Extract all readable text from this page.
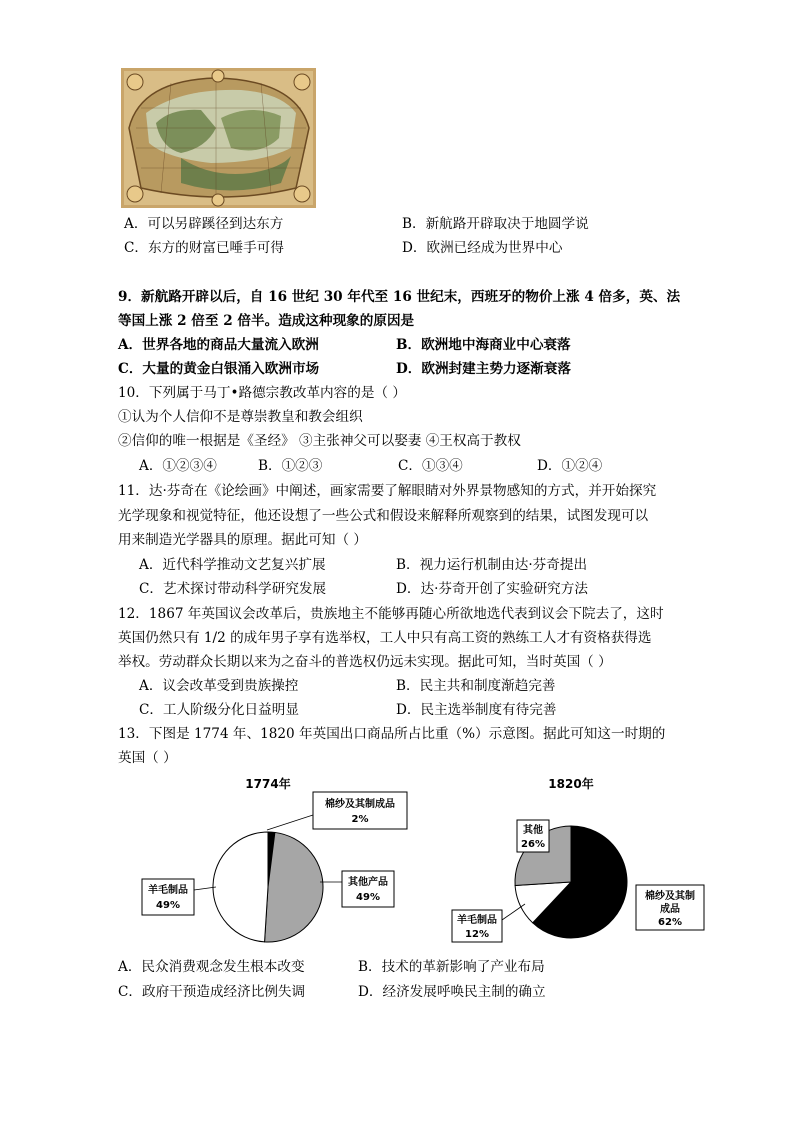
A．可以另辟蹊径到达东方	B．新航路开辟取决于地圆学说
C．东方的财富已唾手可得	D．欧洲已经成为世界中心
9．新航路开辟以后，自 16 世纪 30 年代至 16 世纪末，西班牙的物价上涨 4 倍多，英、法
等国上涨 2 倍至 2 倍半。造成这种现象的原因是
A．世界各地的商品大量流入欧洲	B．欧洲地中海商业中心衰落
C．大量的黄金白银涌入欧洲市场	D．欧洲封建主势力逐渐衰落
10．下列属于马丁•路德宗教改革内容的是（ ）
①认为个人信仰不是尊崇教皇和教会组织
②信仰的唯一根据是《圣经》 ③主张神父可以娶妻 ④王权高于教权
A．①②③④	B．①②③	C．①③④	D．①②④
11．达·芬奇在《论绘画》中阐述，画家需要了解眼睛对外界景物感知的方式，并开始探究
光学现象和视觉特征，他还设想了一些公式和假设来解释所观察到的结果，试图发现可以
用来制造光学器具的原理。据此可知（ ）
A．近代科学推动文艺复兴扩展	B．视力运行机制由达·芬奇提出
C．艺术探讨带动科学研究发展	D．达·芬奇开创了实验研究方法
12．1867 年英国议会改革后，贵族地主不能够再随心所欲地选代表到议会下院去了，这时
英国仍然只有 1/2 的成年男子享有选举权，工人中只有高工资的熟练工人才有资格获得选
举权。劳动群众长期以来为之奋斗的普选权仍远未实现。据此可知，当时英国（ ）
A．议会改革受到贵族操控	B．民主共和制度渐趋完善
C．工人阶级分化日益明显	D．民主选举制度有待完善
13．下图是 1774 年、1820 年英国出口商品所占比重（%）示意图。据此可知这一时期的
英国（ ）
1774年
棉纱及其制成品
2%
其他产品
49%
羊毛制品
49%
1820年
其他
26%
棉纱及其制
成品
62%
羊毛制品
12%
A．民众消费观念发生根本改变	B．技术的革新影响了产业布局
C．政府干预造成经济比例失调	D．经济发展呼唤民主制的确立
